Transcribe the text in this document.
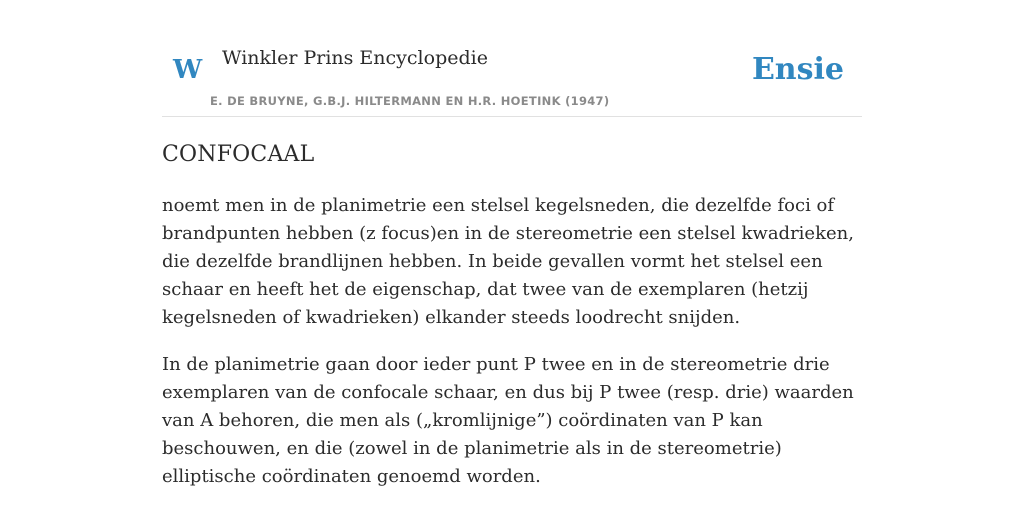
W Winkler Prins Encyclopedie
E. DE BRUYNE, G.B.J. HILTERMANN EN H.R. HOETINK (1947)
Ensie
CONFOCAAL

noemt men in de planimetrie een stelsel kegelsneden, die dezelfde foci of brandpunten hebben (z focus)en in de stereometrie een stelsel kwadrieken, die dezelfde brandlijnen hebben. In beide gevallen vormt het stelsel een schaar en heeft het de eigenschap, dat twee van de exemplaren (hetzij kegelsneden of kwadrieken) elkander steeds loodrecht snijden.

In de planimetrie gaan door ieder punt P twee en in de stereometrie drie exemplaren van de confocale schaar, en dus bij P twee (resp. drie) waarden van A behoren, die men als („kromlijnige”) coördinaten van P kan beschouwen, en die (zowel in de planimetrie als in de stereometrie) elliptische coördinaten genoemd worden.
